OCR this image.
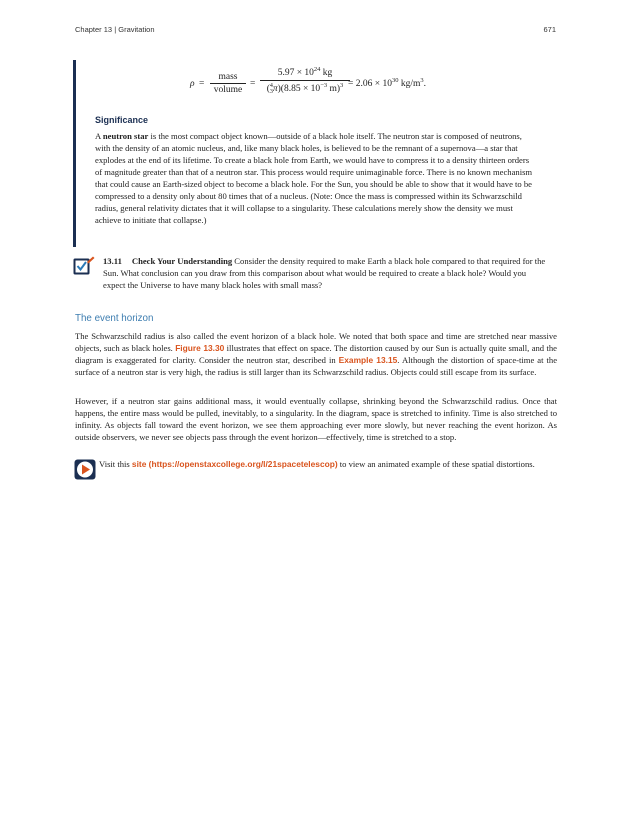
Chapter 13 | Gravitation	671
ρ =
mass
volume
=
$5.97 \times 10^{24}$ kg
(4
$3\pi)(8.85 \times 10^{-3}$ $m)^3 = 2.06 \times 10^{30}$ $kg/m^3$.
Significance
A neutron star is the most compact object known—outside of a black hole itself. The neutron star is composed of neutrons, with the density of an atomic nucleus, and, like many black holes, is believed to be the remnant of a supernova—a star that explodes at the end of its lifetime. To create a black hole from Earth, we would have to compress it to a density thirteen orders of magnitude greater than that of a neutron star. This process would require unimaginable force. There is no known mechanism that could cause an Earth-sized object to become a black hole. For the Sun, you should be able to show that it would have to be compressed to a density only about 80 times that of a nucleus. (Note: Once the mass is compressed within its Schwarzschild radius, general relativity dictates that it will collapse to a singularity. These calculations merely show the density we must achieve to initiate that collapse.)
13.11 Check Your Understanding Consider the density required to make Earth a black hole compared to that required for the Sun. What conclusion can you draw from this comparison about what would be required to create a black hole? Would you expect the Universe to have many black holes with small mass?
The event horizon
The Schwarzschild radius is also called the event horizon of a black hole. We noted that both space and time are stretched near massive objects, such as black holes. Figure 13.30 illustrates that effect on space. The distortion caused by our Sun is actually quite small, and the diagram is exaggerated for clarity. Consider the neutron star, described in Example 13.15. Although the distortion of space-time at the surface of a neutron star is very high, the radius is still larger than its Schwarzschild radius. Objects could still escape from its surface.
However, if a neutron star gains additional mass, it would eventually collapse, shrinking beyond the Schwarzschild radius. Once that happens, the entire mass would be pulled, inevitably, to a singularity. In the diagram, space is stretched to infinity. Time is also stretched to infinity. As objects fall toward the event horizon, we see them approaching ever more slowly, but never reaching the event horizon. As outside observers, we never see objects pass through the event horizon—effectively, time is stretched to a stop.
Visit this site (https://openstaxcollege.org/l/21spacetelescop) to view an animated example of these spatial distortions.
